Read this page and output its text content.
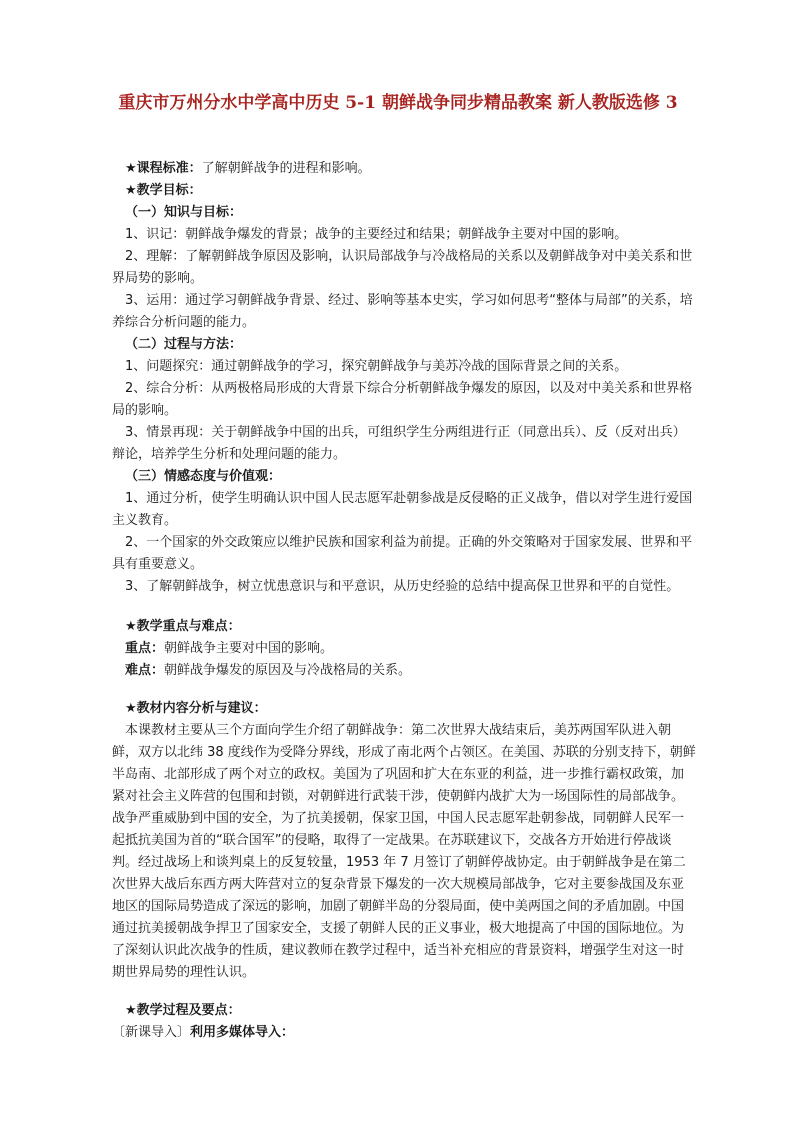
重庆市万州分水中学高中历史 5-1 朝鲜战争同步精品教案 新人教版选修 3

★课程标准：了解朝鲜战争的进程和影响。

★教学目标：

（一）知识与目标：

1、识记：朝鲜战争爆发的背景；战争的主要经过和结果；朝鲜战争主要对中国的影响。

2、理解：了解朝鲜战争原因及影响，认识局部战争与冷战格局的关系以及朝鲜战争对中美关系和世界局势的影响。

3、运用：通过学习朝鲜战争背景、经过、影响等基本史实，学习如何思考“整体与局部”的关系，培养综合分析问题的能力。

（二）过程与方法：

1、问题探究：通过朝鲜战争的学习，探究朝鲜战争与美苏冷战的国际背景之间的关系。

2、综合分析：从两极格局形成的大背景下综合分析朝鲜战争爆发的原因，以及对中美关系和世界格局的影响。

3、情景再现：关于朝鲜战争中国的出兵，可组织学生分两组进行正（同意出兵）、反（反对出兵）辩论，培养学生分析和处理问题的能力。

（三）情感态度与价值观：

1、通过分析，使学生明确认识中国人民志愿军赴朝参战是反侵略的正义战争，借以对学生进行爱国主义教育。

2、一个国家的外交政策应以维护民族和国家利益为前提。正确的外交策略对于国家发展、世界和平具有重要意义。

3、了解朝鲜战争，树立忧患意识与和平意识，从历史经验的总结中提高保卫世界和平的自觉性。

★教学重点与难点：

重点：朝鲜战争主要对中国的影响。

难点：朝鲜战争爆发的原因及与冷战格局的关系。

★教材内容分析与建议：

本课教材主要从三个方面向学生介绍了朝鲜战争：第二次世界大战结束后，美苏两国军队进入朝鲜，双方以北纬 38 度线作为受降分界线，形成了南北两个占领区。在美国、苏联的分别支持下，朝鲜半岛南、北部形成了两个对立的政权。美国为了巩固和扩大在东亚的利益，进一步推行霸权政策，加紧对社会主义阵营的包围和封锁，对朝鲜进行武装干涉，使朝鲜内战扩大为一场国际性的局部战争。战争严重威胁到中国的安全，为了抗美援朝，保家卫国，中国人民志愿军赴朝参战，同朝鲜人民军一起抵抗美国为首的“联合国军”的侵略，取得了一定战果。在苏联建议下，交战各方开始进行停战谈判。经过战场上和谈判桌上的反复较量，1953 年 7 月签订了朝鲜停战协定。由于朝鲜战争是在第二次世界大战后东西方两大阵营对立的复杂背景下爆发的一次大规模局部战争，它对主要参战国及东亚地区的国际局势造成了深远的影响，加剧了朝鲜半岛的分裂局面，使中美两国之间的矛盾加剧。中国通过抗美援朝战争捍卫了国家安全，支援了朝鲜人民的正义事业，极大地提高了中国的国际地位。为了深刻认识此次战争的性质，建议教师在教学过程中，适当补充相应的背景资料，增强学生对这一时期世界局势的理性认识。

★教学过程及要点：

〔新课导入〕利用多媒体导入：
